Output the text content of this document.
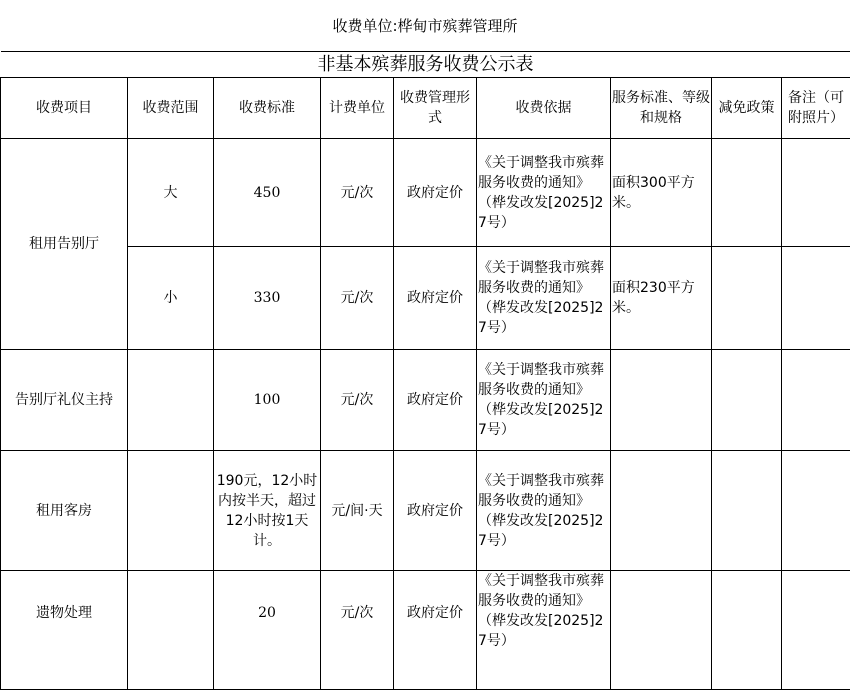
收费单位:桦甸市殡葬管理所
非基本殡葬服务收费公示表								
收费项目	收费范围	收费标准	计费单位	收费管理形式	收费依据	服务标准、等级和规格	减免政策	备注（可附照片）
租用告别厅	大	450	元/次	政府定价	《关于调整我市殡葬服务收费的通知》（桦发改发[2025]27号）	面积300平方米。		
	小	330	元/次	政府定价	《关于调整我市殡葬服务收费的通知》（桦发改发[2025]27号）	面积230平方米。		
告别厅礼仪主持		100	元/次	政府定价	《关于调整我市殡葬服务收费的通知》（桦发改发[2025]27号）			
租用客房		190元，12小时内按半天，超过12小时按1天计。	元/间·天	政府定价	《关于调整我市殡葬服务收费的通知》（桦发改发[2025]27号）			
遗物处理		20	元/次	政府定价	《关于调整我市殡葬服务收费的通知》（桦发改发[2025]27号）			
